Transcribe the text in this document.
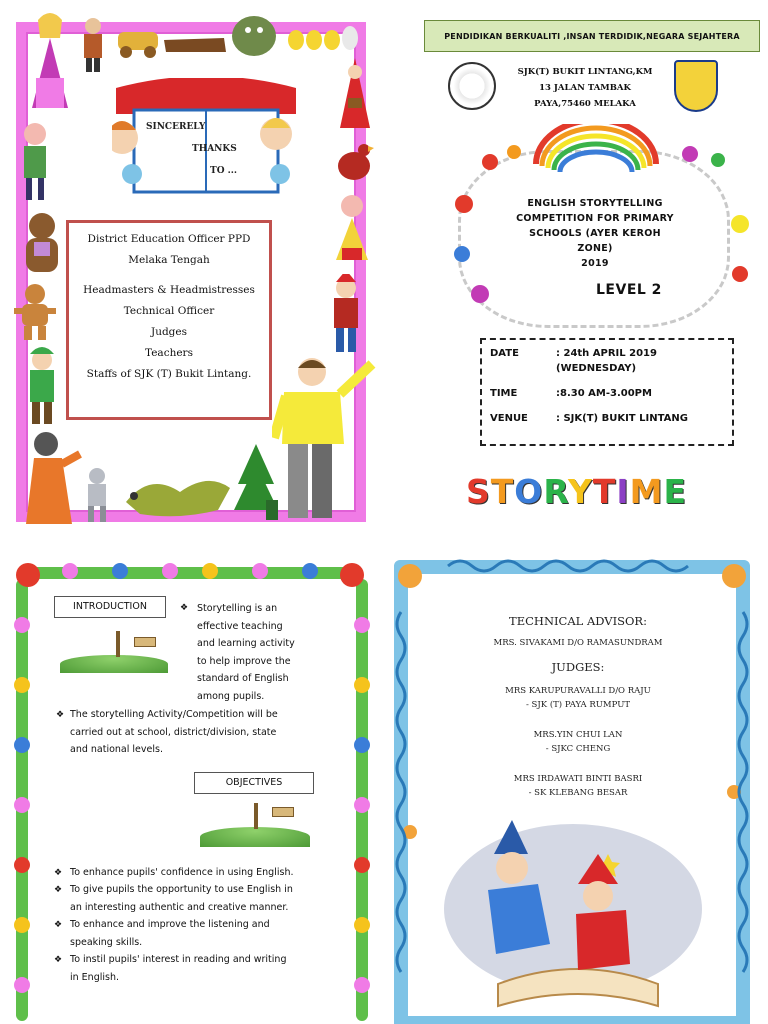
SINCERELY
THANKS
TO ...

District Education Officer PPD

Melaka Tengah

Headmasters & Headmistresses

Technical Officer

Judges

Teachers

Staffs of SJK (T) Bukit Lintang.

PENDIDIKAN BERKUALITI ,INSAN TERDIDIK,NEGARA SEJAHTERA
SJK(T) BUKIT LINTANG,KM
13 JALAN TAMBAK
PAYA,75460 MELAKA
ENGLISH STORYTELLING
COMPETITION FOR PRIMARY
SCHOOLS (AYER KEROH
ZONE)
2019
LEVEL 2
DATE	: 24th APRIL 2019
(WEDNESDAY)
TIME	:8.30 AM-3.00PM
VENUE	: SJK(T) BUKIT LINTANG
STORYTIME
INTRODUCTION	❖ Storytelling is an
effective teaching
and learning activity
to help improve the
standard of English
among pupils.
❖ The storytelling Activity/Competition will be
carried out at school, district/division, state
and national levels.
OBJECTIVES
❖ To enhance pupils' confidence in using English.
❖ To give pupils the opportunity to use English in
an interesting authentic and creative manner.
❖ To enhance and improve the listening and
speaking skills.
❖ To instil pupils' interest in reading and writing
in English.
TECHNICAL ADVISOR:
MRS. SIVAKAMI D/O RAMASUNDRAM
JUDGES:
MRS KARUPURAVALLI D/O RAJU
- SJK (T) PAYA RUMPUT
MRS.YIN CHUI LAN
- SJKC CHENG
MRS IRDAWATI BINTI BASRI
- SK KLEBANG BESAR
